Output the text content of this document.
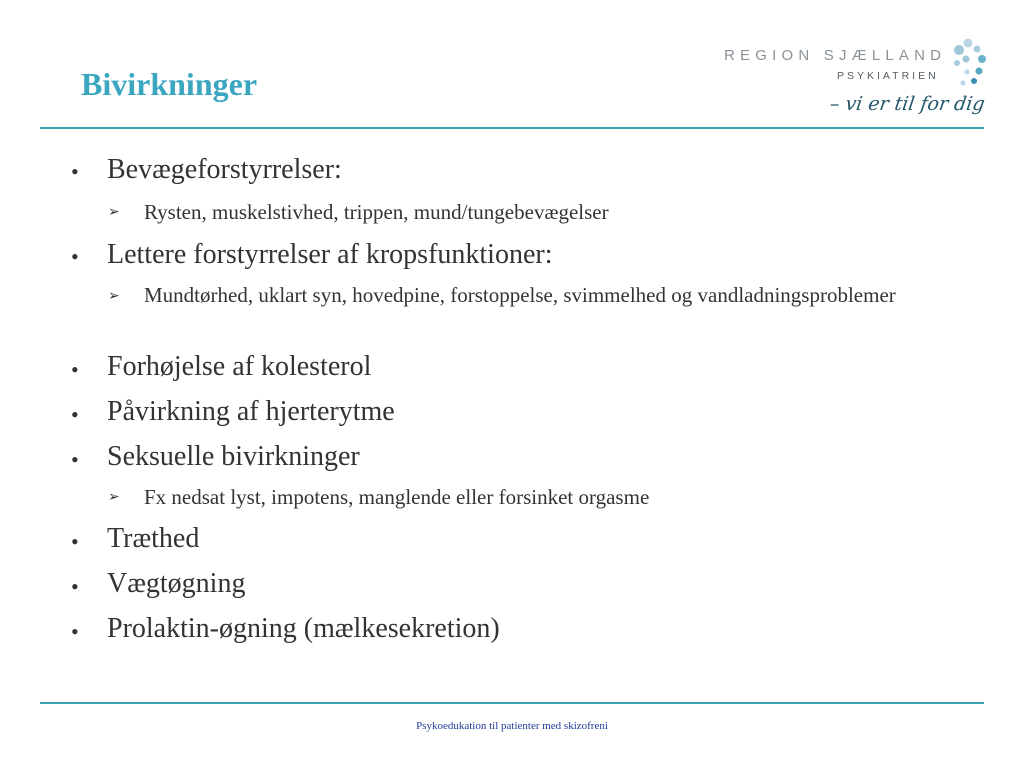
Bivirkninger
REGION SJÆLLAND
PSYKIATRIEN
– vi er til for dig
• Bevægeforstyrrelser:
➢ Rysten, muskelstivhed, trippen, mund/tungebevægelser
• Lettere forstyrrelser af kropsfunktioner:
➢ Mundtørhed, uklart syn, hovedpine, forstoppelse, svimmelhed og vandladningsproblemer
• Forhøjelse af kolesterol
• Påvirkning af hjerterytme
• Seksuelle bivirkninger
➢ Fx nedsat lyst, impotens, manglende eller forsinket orgasme
• Træthed
• Vægtøgning
• Prolaktin-øgning (mælkesekretion)
Psykoedukation til patienter med skizofreni
